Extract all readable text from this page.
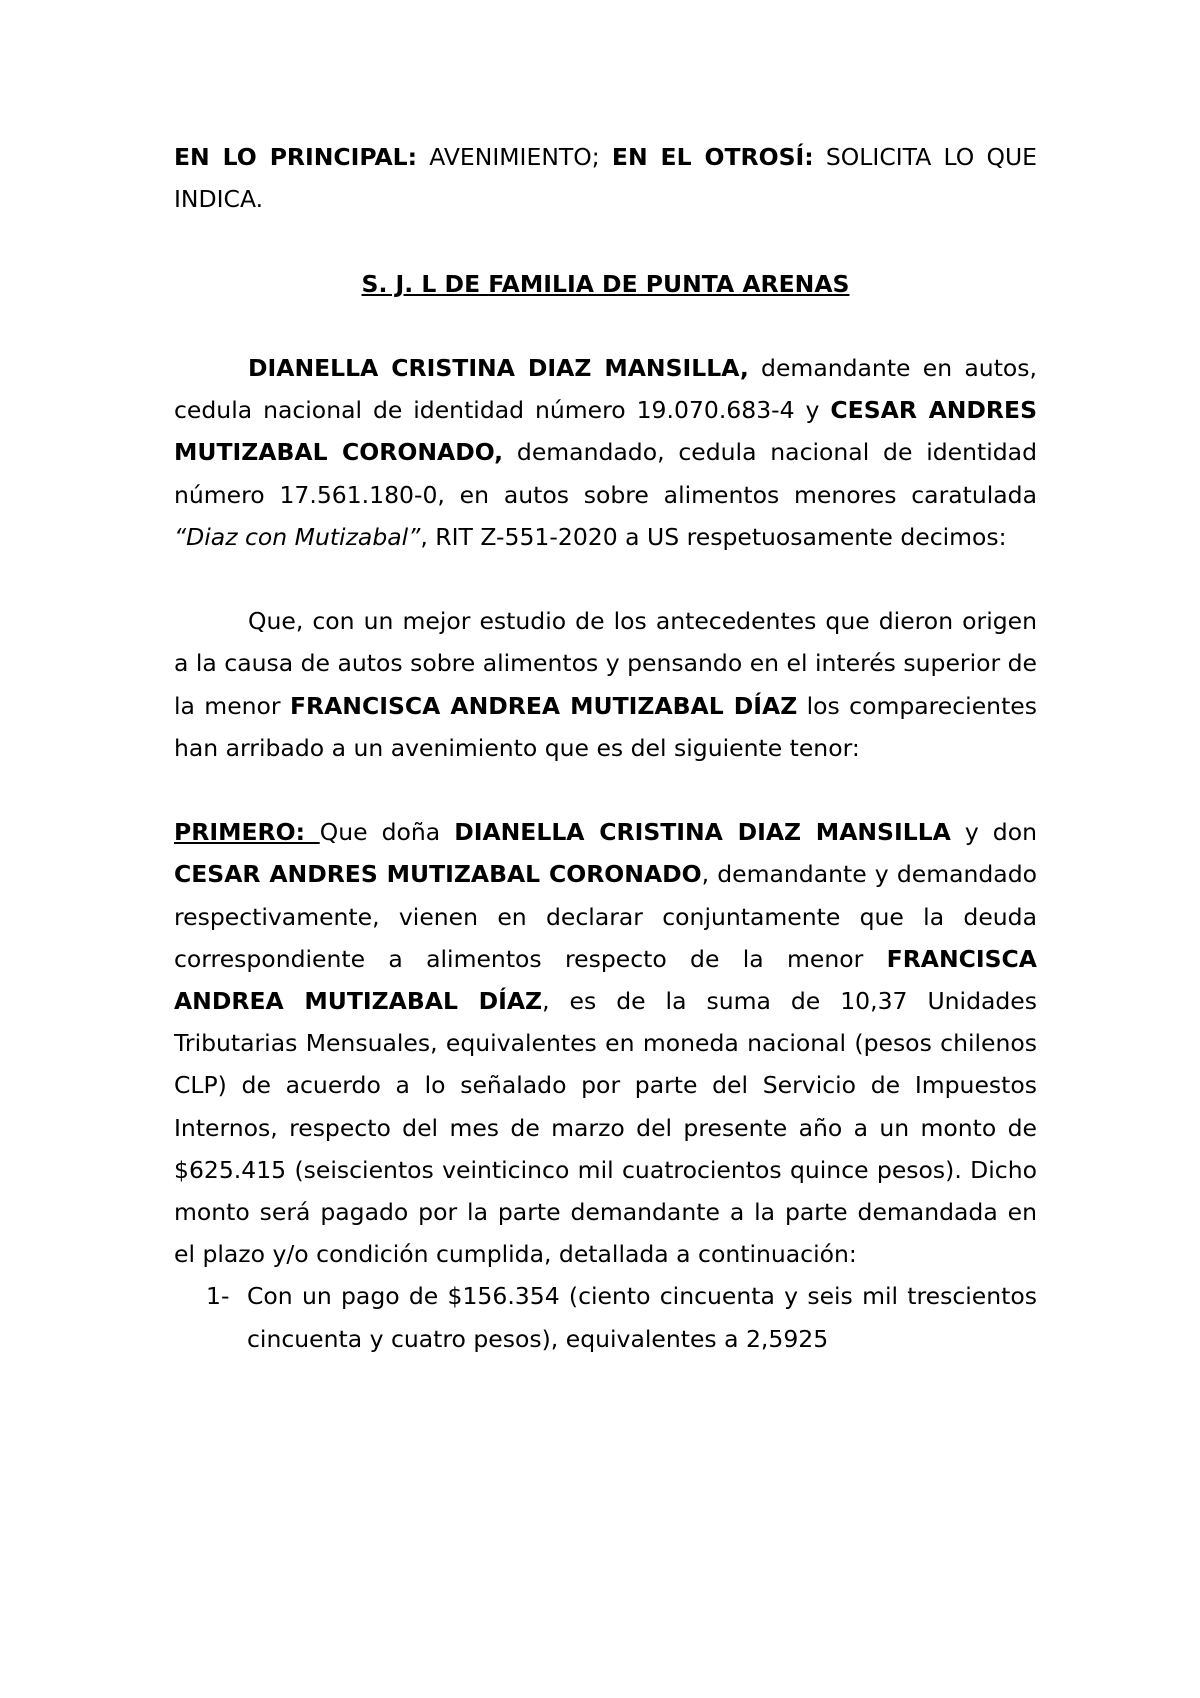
EN LO PRINCIPAL: AVENIMIENTO; EN EL OTROSÍ: SOLICITA LO QUE INDICA.

S. J. L DE FAMILIA DE PUNTA ARENAS

DIANELLA CRISTINA DIAZ MANSILLA, demandante en autos, cedula nacional de identidad número 19.070.683-4 y CESAR ANDRES MUTIZABAL CORONADO, demandado, cedula nacional de identidad número 17.561.180-0, en autos sobre alimentos menores caratulada “Diaz con Mutizabal”, RIT Z-551-2020 a US respetuosamente decimos:

Que, con un mejor estudio de los antecedentes que dieron origen a la causa de autos sobre alimentos y pensando en el interés superior de la menor FRANCISCA ANDREA MUTIZABAL DÍAZ los comparecientes han arribado a un avenimiento que es del siguiente tenor:

PRIMERO: Que doña DIANELLA CRISTINA DIAZ MANSILLA y don CESAR ANDRES MUTIZABAL CORONADO, demandante y demandado respectivamente, vienen en declarar conjuntamente que la deuda correspondiente a alimentos respecto de la menor FRANCISCA ANDREA MUTIZABAL DÍAZ, es de la suma de 10,37 Unidades Tributarias Mensuales, equivalentes en moneda nacional (pesos chilenos CLP) de acuerdo a lo señalado por parte del Servicio de Impuestos Internos, respecto del mes de marzo del presente año a un monto de $625.415 (seiscientos veinticinco mil cuatrocientos quince pesos). Dicho monto será pagado por la parte demandante a la parte demandada en el plazo y/o condición cumplida, detallada a continuación:

1- Con un pago de $156.354 (ciento cincuenta y seis mil trescientos cincuenta y cuatro pesos), equivalentes a 2,5925
